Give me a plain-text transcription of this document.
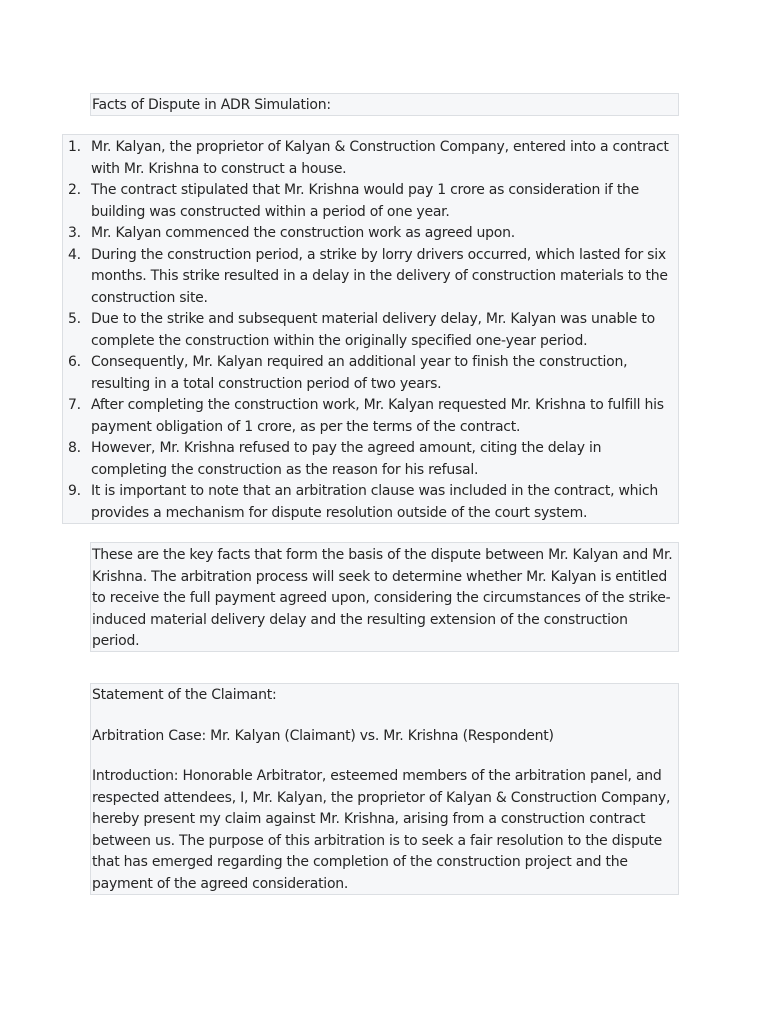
Facts of Dispute in ADR Simulation:
1. Mr. Kalyan, the proprietor of Kalyan & Construction Company, entered into a contract with Mr. Krishna to construct a house.
2. The contract stipulated that Mr. Krishna would pay 1 crore as consideration if the building was constructed within a period of one year.
3. Mr. Kalyan commenced the construction work as agreed upon.
4. During the construction period, a strike by lorry drivers occurred, which lasted for six months. This strike resulted in a delay in the delivery of construction materials to the construction site.
5. Due to the strike and subsequent material delivery delay, Mr. Kalyan was unable to complete the construction within the originally specified one-year period.
6. Consequently, Mr. Kalyan required an additional year to finish the construction, resulting in a total construction period of two years.
7. After completing the construction work, Mr. Kalyan requested Mr. Krishna to fulfill his payment obligation of 1 crore, as per the terms of the contract.
8. However, Mr. Krishna refused to pay the agreed amount, citing the delay in completing the construction as the reason for his refusal.
9. It is important to note that an arbitration clause was included in the contract, which provides a mechanism for dispute resolution outside of the court system.
These are the key facts that form the basis of the dispute between Mr. Kalyan and Mr. Krishna. The arbitration process will seek to determine whether Mr. Kalyan is entitled to receive the full payment agreed upon, considering the circumstances of the strike-induced material delivery delay and the resulting extension of the construction period.

Statement of the Claimant:

Arbitration Case: Mr. Kalyan (Claimant) vs. Mr. Krishna (Respondent)

Introduction: Honorable Arbitrator, esteemed members of the arbitration panel, and respected attendees, I, Mr. Kalyan, the proprietor of Kalyan & Construction Company, hereby present my claim against Mr. Krishna, arising from a construction contract between us. The purpose of this arbitration is to seek a fair resolution to the dispute that has emerged regarding the completion of the construction project and the payment of the agreed consideration.
